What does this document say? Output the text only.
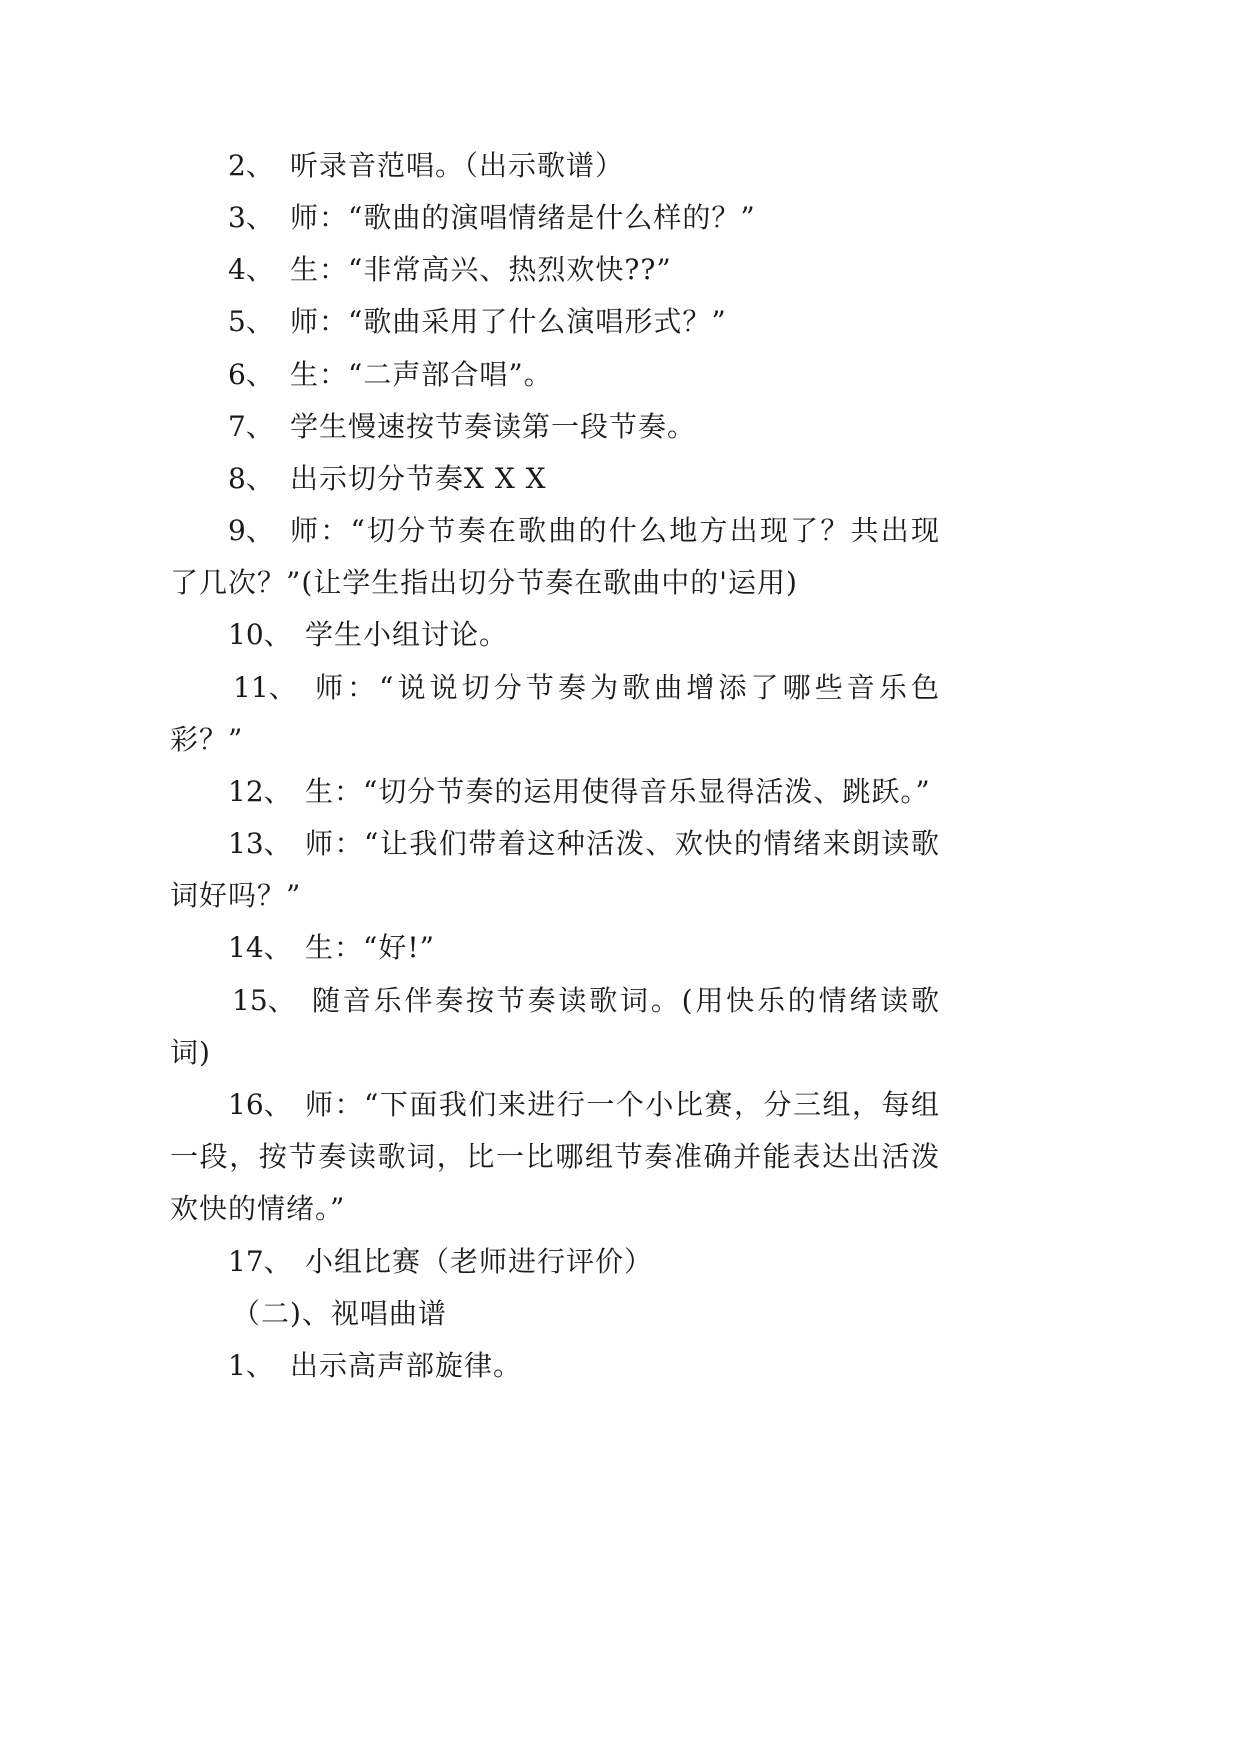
2、 听录音范唱。（出示歌谱）
3、 师：“歌曲的演唱情绪是什么样的？”
4、 生：“非常高兴、热烈欢快??”
5、 师：“歌曲采用了什么演唱形式？”
6、 生：“二声部合唱”。
7、 学生慢速按节奏读第一段节奏。
8、 出示切分节奏X X X
9、 师：“切分节奏在歌曲的什么地方出现了？共出现
了几次？”(让学生指出切分节奏在歌曲中的'运用)
10、 学生小组讨论。
11、 师：“说说切分节奏为歌曲增添了哪些音乐色
彩？”
12、 生：“切分节奏的运用使得音乐显得活泼、跳跃。”
13、 师：“让我们带着这种活泼、欢快的情绪来朗读歌
词好吗？”
14、 生：“好!”
15、 随音乐伴奏按节奏读歌词。(用快乐的情绪读歌
词)
16、 师：“下面我们来进行一个小比赛，分三组，每组
一段，按节奏读歌词，比一比哪组节奏准确并能表达出活泼
欢快的情绪。”
17、 小组比赛（老师进行评价）
（二)、视唱曲谱
1、 出示高声部旋律。
